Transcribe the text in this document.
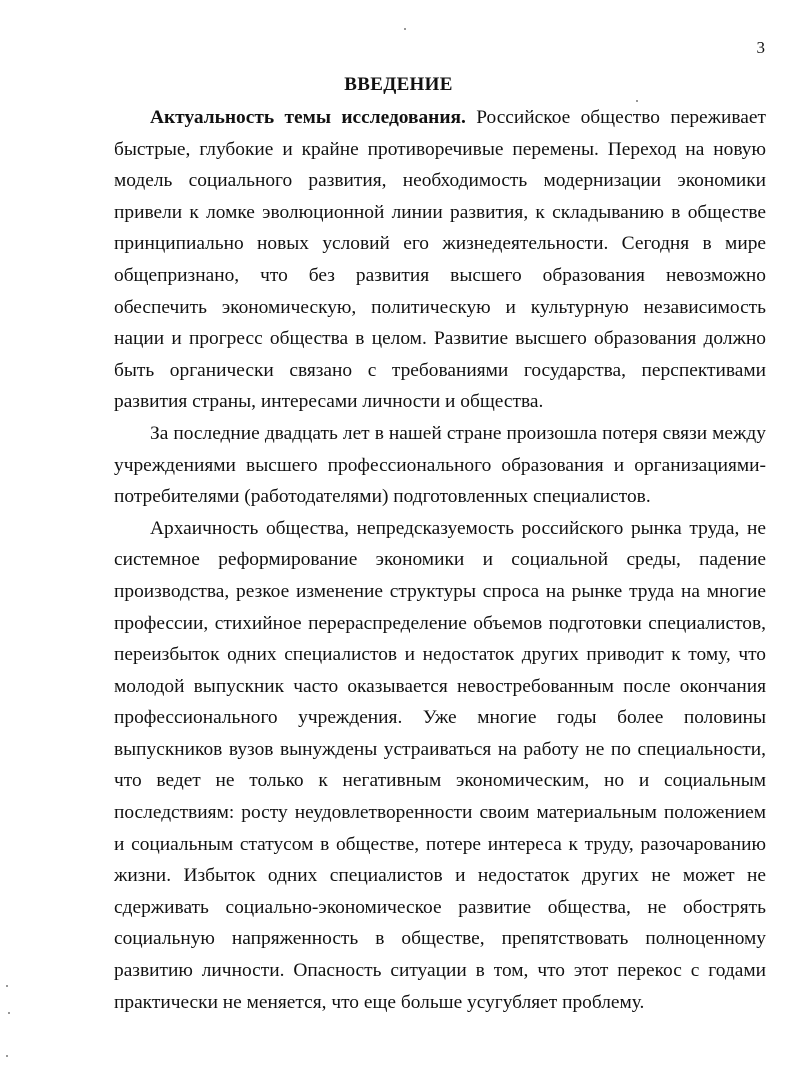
3
ВВЕДЕНИЕ

Актуальность темы исследования. Российское общество переживает быстрые, глубокие и крайне противоречивые перемены. Переход на новую модель социального развития, необходимость модернизации экономики привели к ломке эволюционной линии развития, к складыванию в обществе принципиально новых условий его жизнедеятельности. Сегодня в мире общепризнано, что без развития высшего образования невозможно обеспечить экономическую, политическую и культурную независимость нации и прогресс общества в целом. Развитие высшего образования должно быть органически связано с требованиями государства, перспективами развития страны, интересами личности и общества.

За последние двадцать лет в нашей стране произошла потеря связи между учреждениями высшего профессионального образования и организациями-потребителями (работодателями) подготовленных специалистов.

Архаичность общества, непредсказуемость российского рынка труда, не системное реформирование экономики и социальной среды, падение производства, резкое изменение структуры спроса на рынке труда на многие профессии, стихийное перераспределение объемов подготовки специалистов, переизбыток одних специалистов и недостаток других приводит к тому, что молодой выпускник часто оказывается невостребованным после окончания профессионального учреждения. Уже многие годы более половины выпускников вузов вынуждены устраиваться на работу не по специальности, что ведет не только к негативным экономическим, но и социальным последствиям: росту неудовлетворенности своим материальным положением и социальным статусом в обществе, потере интереса к труду, разочарованию жизни. Избыток одних специалистов и недостаток других не может не сдерживать социально-экономическое развитие общества, не обострять социальную напряженность в обществе, препятствовать полноценному развитию личности. Опасность ситуации в том, что этот перекос с годами практически не меняется, что еще больше усугубляет проблему.
